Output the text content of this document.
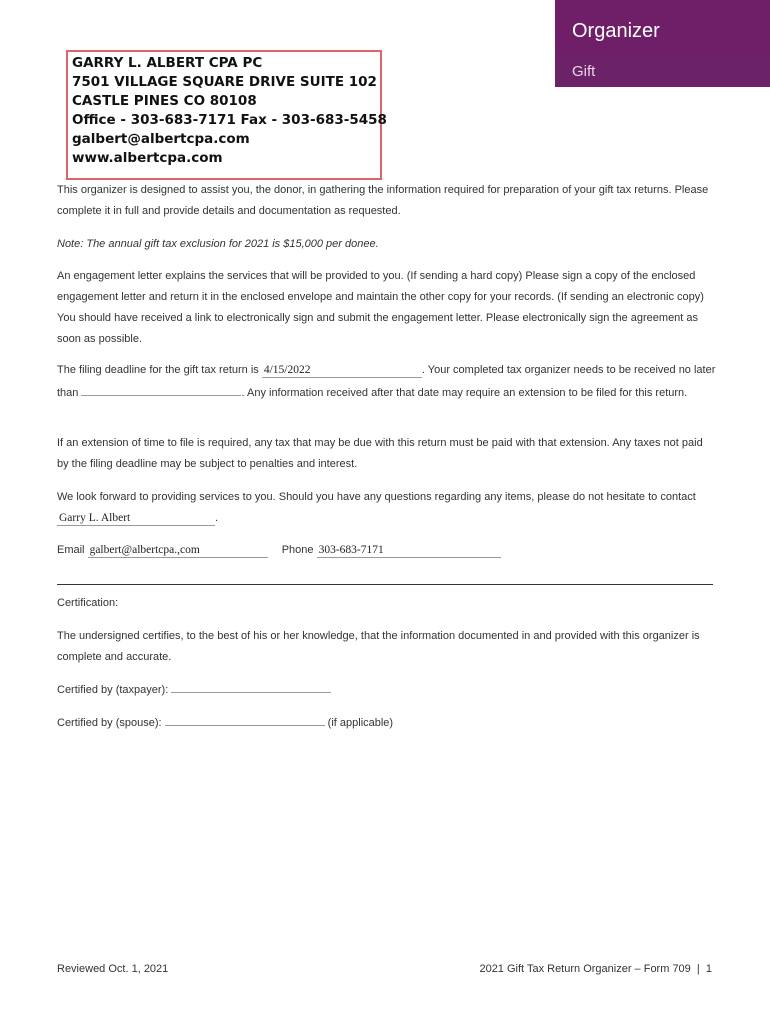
Organizer
Gift
GARRY L. ALBERT CPA PC
7501 VILLAGE SQUARE DRIVE SUITE 102
CASTLE PINES CO 80108
Office - 303-683-7171 Fax - 303-683-5458
galbert@albertcpa.com
www.albertcpa.com
This organizer is designed to assist you, the donor, in gathering the information required for preparation of your gift tax returns. Please complete it in full and provide details and documentation as requested.
Note: The annual gift tax exclusion for 2021 is $15,000 per donee.
An engagement letter explains the services that will be provided to you. (If sending a hard copy) Please sign a copy of the enclosed engagement letter and return it in the enclosed envelope and maintain the other copy for your records. (If sending an electronic copy) You should have received a link to electronically sign and submit the engagement letter. Please electronically sign the agreement as soon as possible.
The filing deadline for the gift tax return is 4/15/2022	. Your completed tax organizer needs to be received no later than	. Any information received after that date may require an extension to be filed for this return.
If an extension of time to file is required, any tax that may be due with this return must be paid with that extension. Any taxes not paid by the filing deadline may be subject to penalties and interest.
We look forward to providing services to you. Should you have any questions regarding any items, please do not hesitate to contact Garry L. Albert	.
Email galbert@albertcpa.,com	Phone 303-683-7171
Certification:
The undersigned certifies, to the best of his or her knowledge, that the information documented in and provided with this organizer is complete and accurate.
Certified by (taxpayer):
Certified by (spouse):	(if applicable)
Reviewed Oct. 1, 2021	2021 Gift Tax Return Organizer – Form 709  |  1
